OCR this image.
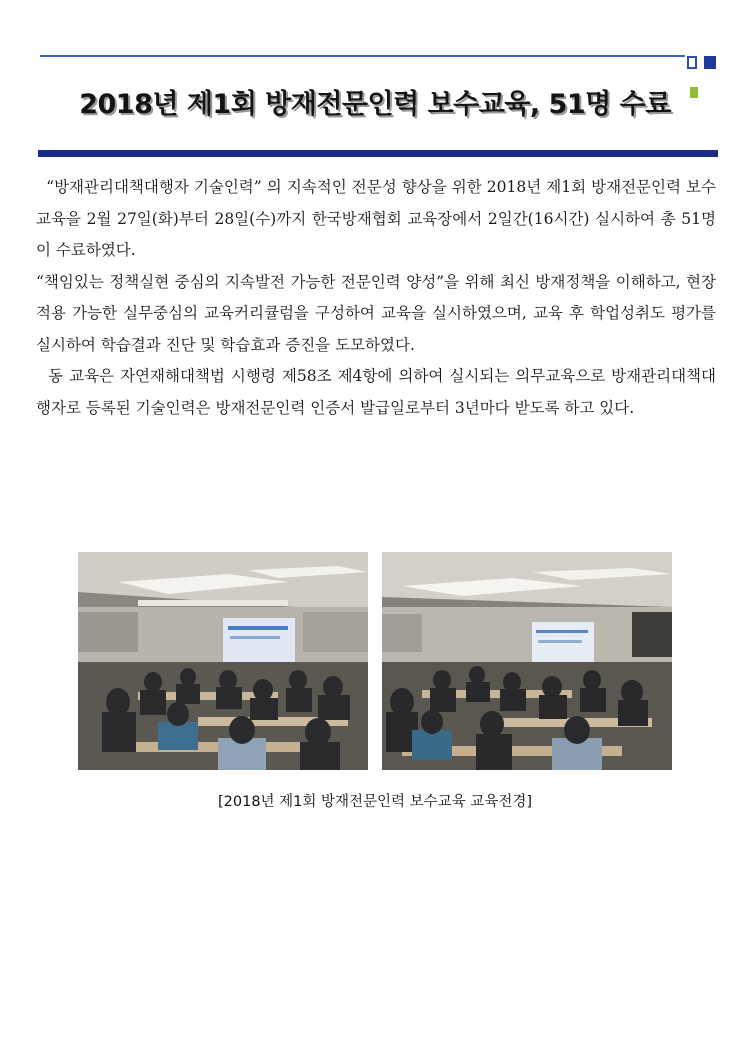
2018년 제1회 방재전문인력 보수교육, 51명 수료

“방재관리대책대행자 기술인력” 의 지속적인 전문성 향상을 위한 2018년 제1회 방재전문인력 보수교육을 2월 27일(화)부터 28일(수)까지 한국방재협회 교육장에서 2일간(16시간) 실시하여 총 51명이 수료하였다.

“책임있는 정책실현 중심의 지속발전 가능한 전문인력 양성”을 위해 최신 방재정책을 이해하고, 현장적용 가능한 실무중심의 교육커리큘럼을 구성하여 교육을 실시하였으며, 교육 후 학업성취도 평가를 실시하여 학습결과 진단 및 학습효과 증진을 도모하였다.

동 교육은 자연재해대책법 시행령 제58조 제4항에 의하여 실시되는 의무교육으로 방재관리대책대행자로 등록된 기술인력은 방재전문인력 인증서 발급일로부터 3년마다 받도록 하고 있다.

[2018년 제1회 방재전문인력 보수교육 교육전경]
